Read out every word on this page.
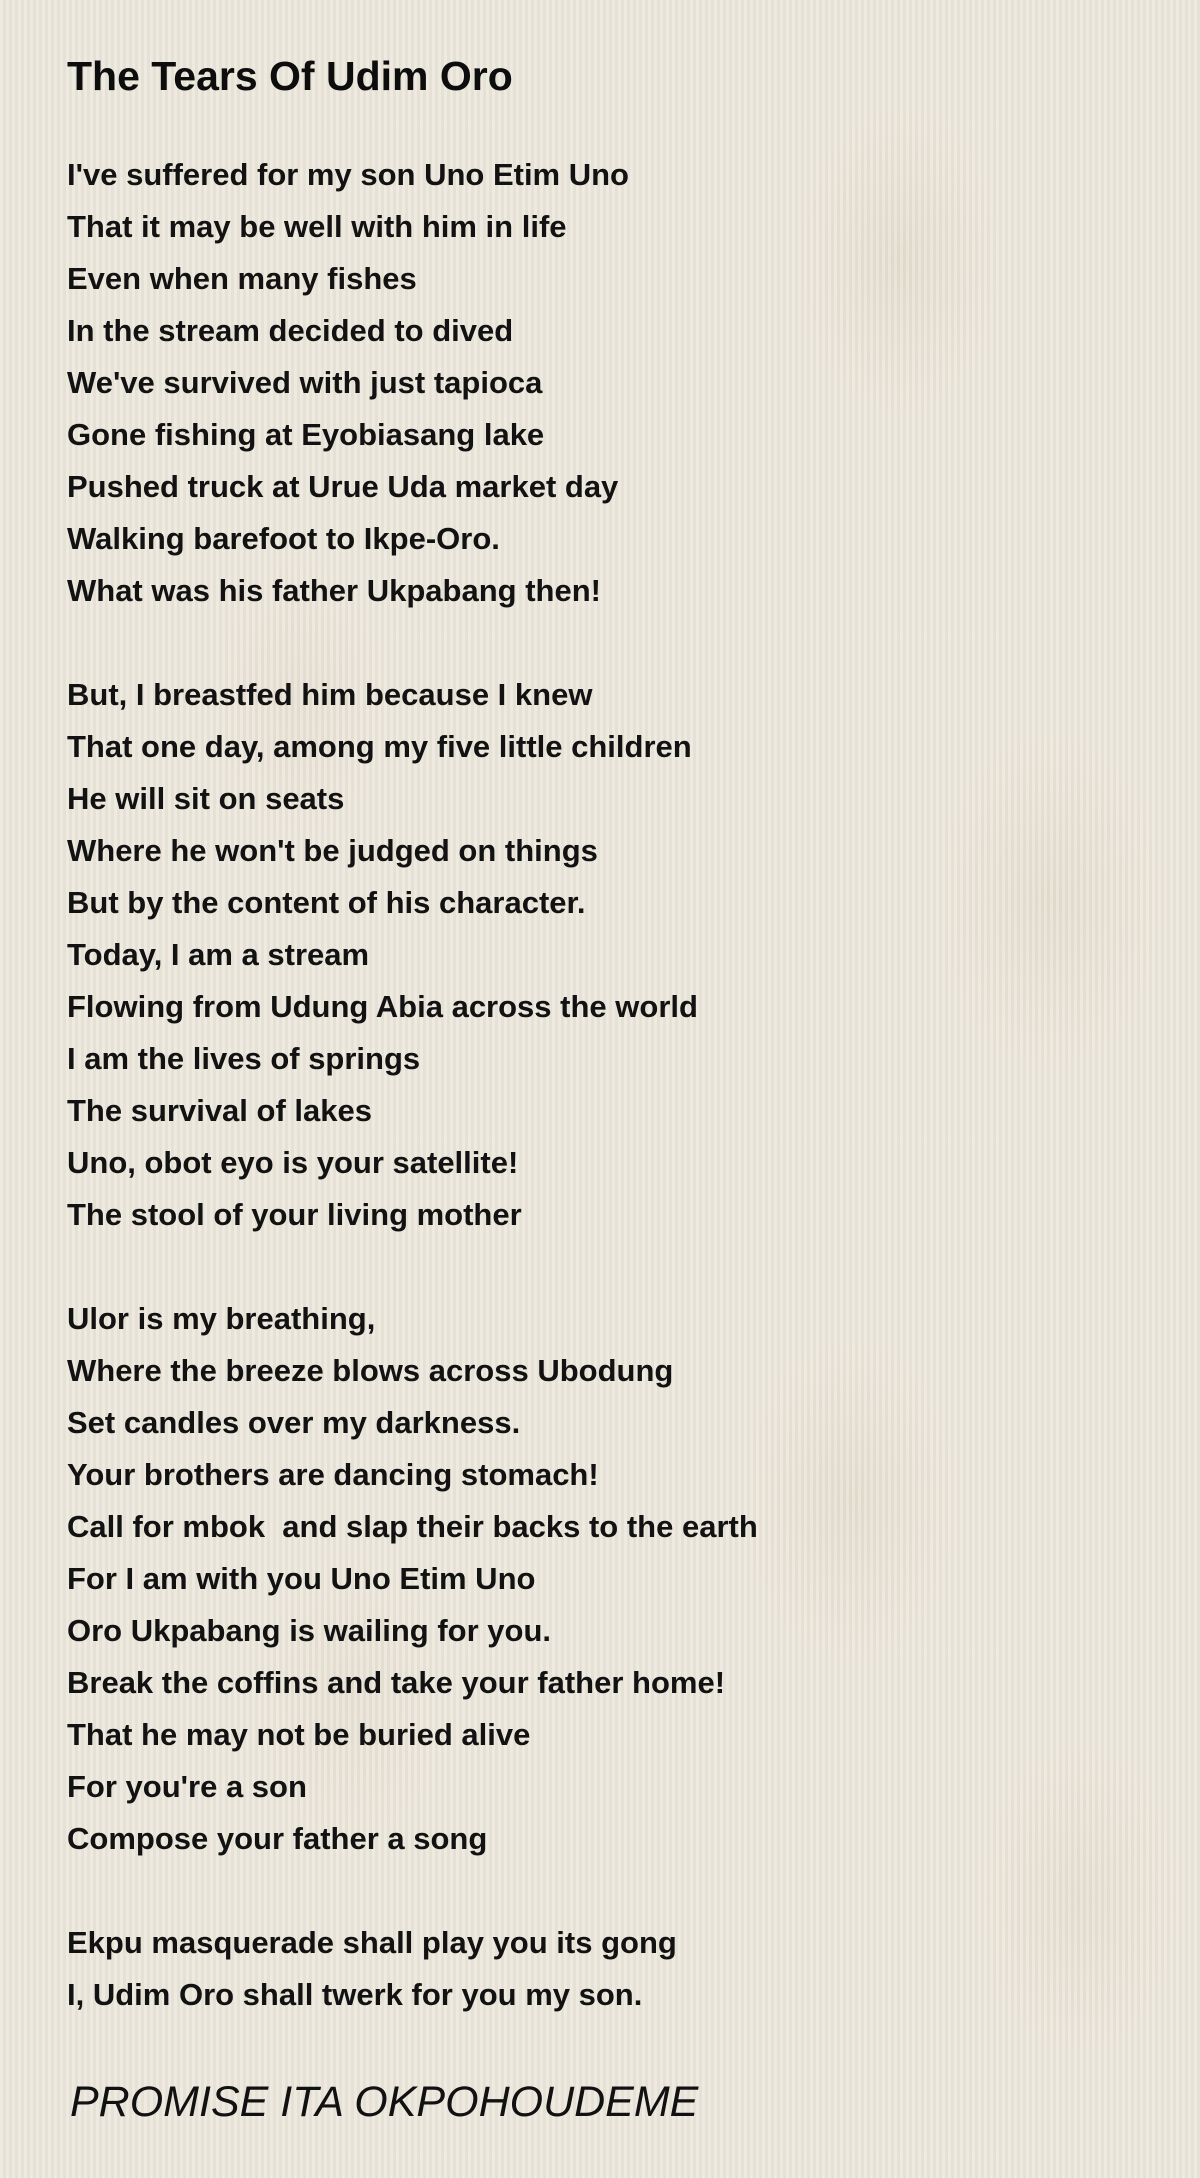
The Tears Of Udim Oro
I've suffered for my son Uno Etim Uno
That it may be well with him in life
Even when many fishes
In the stream decided to dived
We've survived with just tapioca
Gone fishing at Eyobiasang lake
Pushed truck at Urue Uda market day
Walking barefoot to Ikpe-Oro.
What was his father Ukpabang then!
But, I breastfed him because I knew
That one day, among my five little children
He will sit on seats
Where he won't be judged on things
But by the content of his character.
Today, I am a stream
Flowing from Udung Abia across the world
I am the lives of springs
The survival of lakes
Uno, obot eyo is your satellite!
The stool of your living mother
Ulor is my breathing,
Where the breeze blows across Ubodung
Set candles over my darkness.
Your brothers are dancing stomach!
Call for mbok  and slap their backs to the earth
For I am with you Uno Etim Uno
Oro Ukpabang is wailing for you.
Break the coffins and take your father home!
That he may not be buried alive
For you're a son
Compose your father a song
Ekpu masquerade shall play you its gong
I, Udim Oro shall twerk for you my son.

PROMISE ITA OKPOHOUDEME
